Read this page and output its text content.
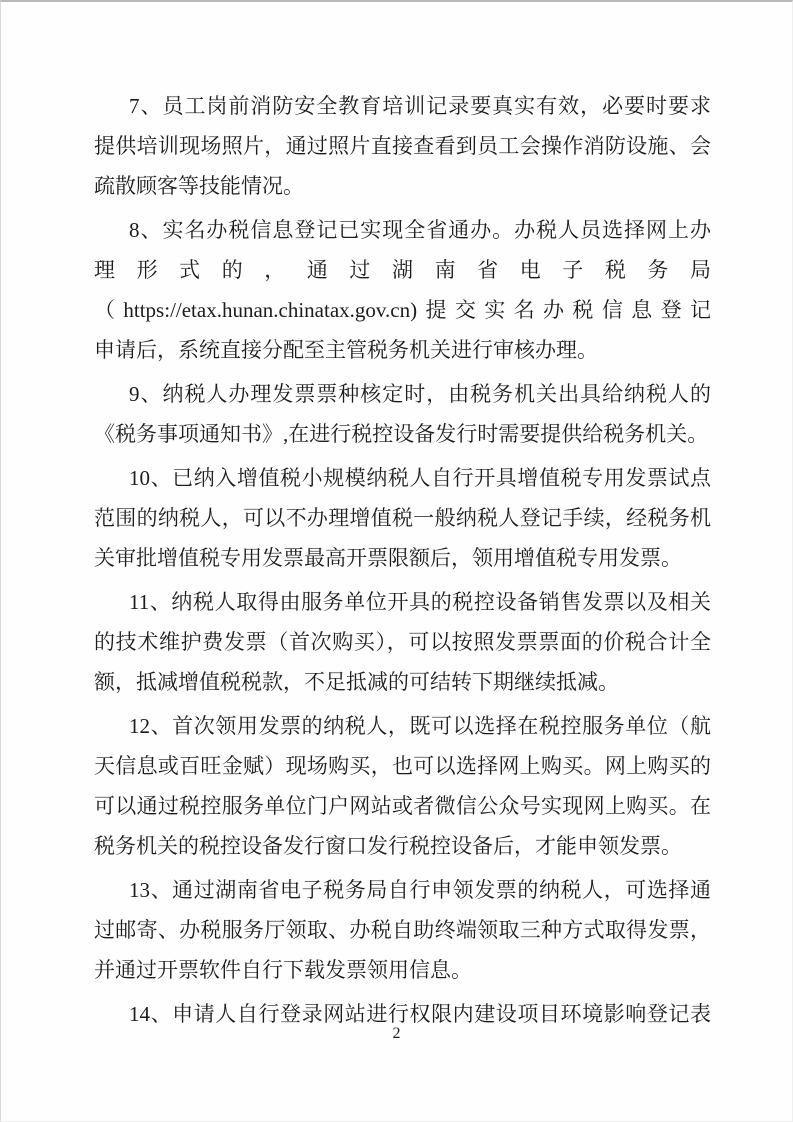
7、员工岗前消防安全教育培训记录要真实有效，必要时要求
提供培训现场照片，通过照片直接查看到员工会操作消防设施、会
疏散顾客等技能情况。

8、实名办税信息登记已实现全省通办。办税人员选择网上办
理形式的，通过湖南省电子税务局
（https://etax.hunan.chinatax.gov.cn)提交实名办税信息登记
申请后，系统直接分配至主管税务机关进行审核办理。

9、纳税人办理发票票种核定时，由税务机关出具给纳税人的
《税务事项通知书》,在进行税控设备发行时需要提供给税务机关。

10、已纳入增值税小规模纳税人自行开具增值税专用发票试点
范围的纳税人，可以不办理增值税一般纳税人登记手续，经税务机
关审批增值税专用发票最高开票限额后，领用增值税专用发票。

11、纳税人取得由服务单位开具的税控设备销售发票以及相关
的技术维护费发票（首次购买），可以按照发票票面的价税合计全
额，抵减增值税税款，不足抵减的可结转下期继续抵减。

12、首次领用发票的纳税人，既可以选择在税控服务单位（航
天信息或百旺金赋）现场购买，也可以选择网上购买。网上购买的
可以通过税控服务单位门户网站或者微信公众号实现网上购买。在
税务机关的税控设备发行窗口发行税控设备后，才能申领发票。

13、通过湖南省电子税务局自行申领发票的纳税人，可选择通
过邮寄、办税服务厅领取、办税自助终端领取三种方式取得发票，
并通过开票软件自行下载发票领用信息。

14、申请人自行登录网站进行权限内建设项目环境影响登记表

2
